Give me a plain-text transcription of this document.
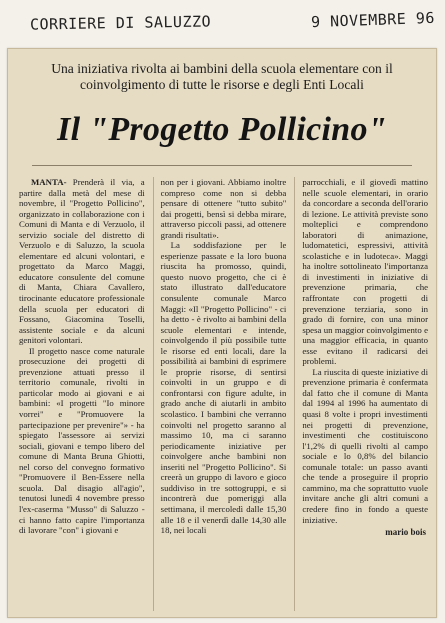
CORRIERE DI SALUZZO	9 NOVEMBRE 96
Una iniziativa rivolta ai bambini della scuola elementare con il coinvolgimento di tutte le risorse e degli Enti Locali
Il "Progetto Pollicino"

MANTA- Prenderà il via, a partire dalla metà del mese di novembre, il "Progetto Pollicino", organizzato in collaborazione con i Comuni di Manta e di Verzuolo, il servizio sociale del distretto di Verzuolo e di Saluzzo, la scuola elementare ed alcuni volontari, e progettato da Marco Maggi, educatore consulente del comune di Manta, Chiara Cavallero, tirocinante educatore professionale della scuola per educatori di Fossano, Giacomina Toselli, assistente sociale e da alcuni genitori volontari.

Il progetto nasce come naturale prosecuzione dei progetti di prevenzione attuati presso il territorio comunale, rivolti in particolar modo ai giovani e ai bambini: «I progetti "Io minore vorrei" e "Promuovere la partecipazione per prevenire"» - ha spiegato l'assessore ai servizi sociali, giovani e tempo libero del comune di Manta Bruna Ghiotti, nel corso del convegno formativo "Promuovere il Ben-Essere nella scuola. Dal disagio all'agio", tenutosi lunedì 4 novembre presso l'ex-caserma "Musso" di Saluzzo - ci hanno fatto capire l'importanza di lavorare "con" i giovani e

non per i giovani. Abbiamo inoltre compreso come non si debba pensare di ottenere "tutto subito" dai progetti, bensì si debba mirare, attraverso piccoli passi, ad ottenere grandi risultati».

La soddisfazione per le esperienze passate e la loro buona riuscita ha promosso, quindi, questo nuovo progetto, che ci è stato illustrato dall'educatore consulente comunale Marco Maggi: «Il "Progetto Pollicino" - ci ha detto - è rivolto ai bambini della scuole elementari e intende, coinvolgendo il più possibile tutte le risorse ed enti locali, dare la possibilità ai bambini di esprimere le proprie risorse, di sentirsi coinvolti in un gruppo e di confrontarsi con figure adulte, in grado anche di aiutarli in ambito scolastico. I bambini che verranno coinvolti nel progetto saranno al massimo 10, ma ci saranno periodicamente iniziative per coinvolgere anche bambini non inseriti nel "Progetto Pollicino". Si creerà un gruppo di lavoro e gioco suddiviso in tre sottogruppi, e si incontrerà due pomeriggi alla settimana, il mercoledì dalle 15,30 alle 18 e il venerdì dalle 14,30 alle 18, nei locali

parrocchiali, e il giovedì mattino nelle scuole elementari, in orario da concordare a seconda dell'orario di lezione. Le attività previste sono molteplici e comprendono laboratori di animazione, ludomatetici, espressivi, attività scolastiche e in ludoteca». Maggi ha inoltre sottolineato l'importanza di investimenti in iniziative di prevenzione primaria, che raffrontate con progetti di prevenzione terziaria, sono in grado di fornire, con una minor spesa un maggior coinvolgimento e una maggior efficacia, in quanto esse evitano il radicarsi dei problemi.

La riuscita di queste iniziative di prevenzione primaria è confermata dal fatto che il comune di Manta dal 1994 al 1996 ha aumentato di quasi 8 volte i propri investimenti nei progetti di prevenzione, investimenti che costituiscono l'1,2% di quelli rivolti al campo sociale e lo 0,8% del bilancio comunale totale: un passo avanti che tende a proseguire il proprio cammino, ma che soprattutto vuole invitare anche gli altri comuni a credere fino in fondo a queste iniziative.

mario bois
